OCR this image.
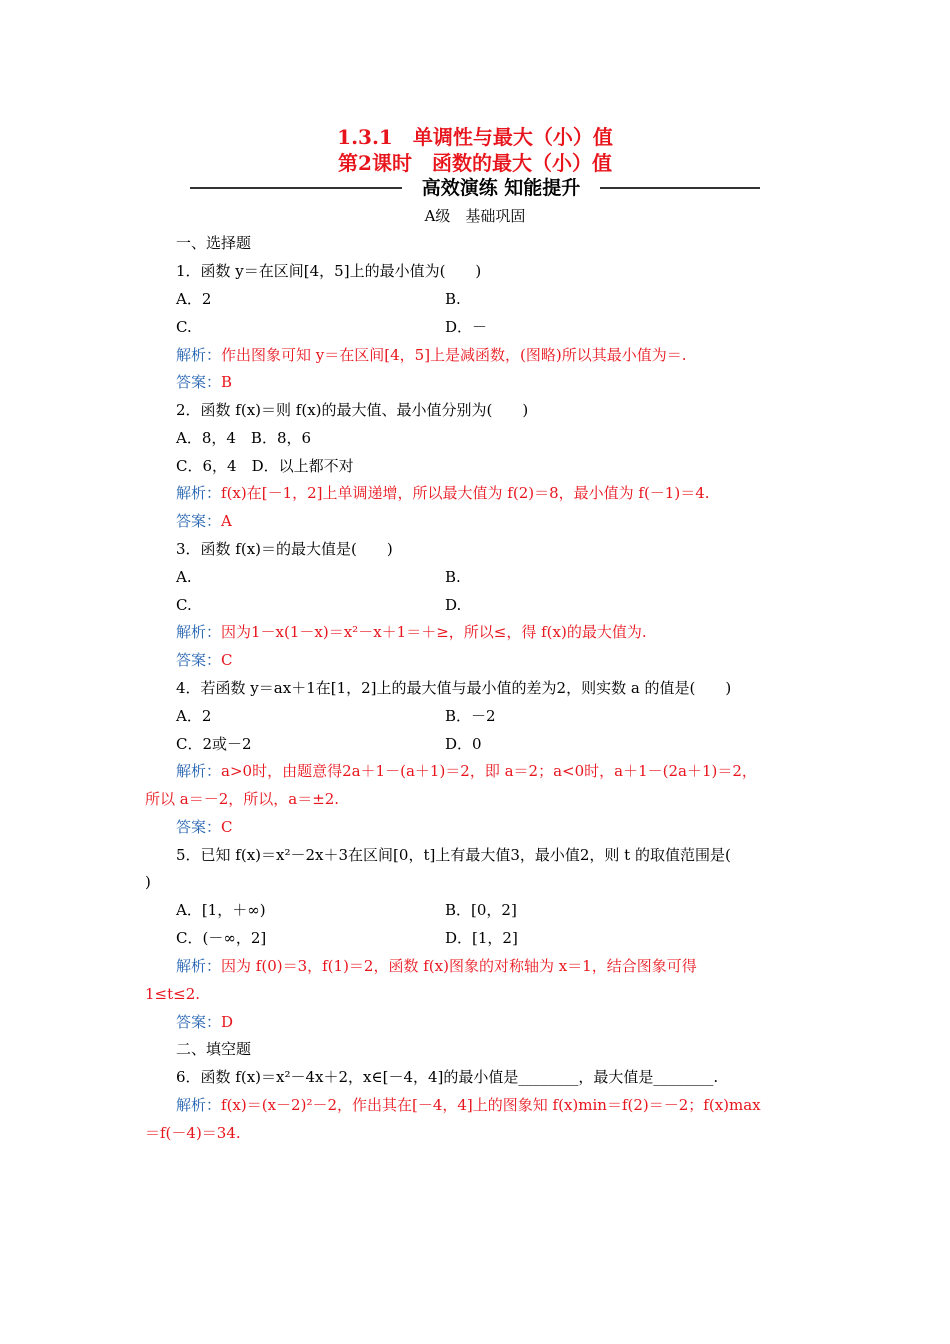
1.3.1　单调性与最大（小）值
第2课时　函数的最大（小）值
高效演练 知能提升
A级　基础巩固
一、选择题
1．函数 y＝在区间[4，5]上的最小值为(　　)
A．2	B.
C.	D．－
解析：作出图象可知 y＝在区间[4，5]上是减函数，(图略)所以其最小值为＝.
答案：B
2．函数 f(x)＝则 f(x)的最大值、最小值分别为(　　)
A．8，4　B．8，6
C．6，4　D．以上都不对
解析：f(x)在[－1，2]上单调递增，所以最大值为 f(2)＝8，最小值为 f(－1)＝4.
答案：A
3．函数 f(x)＝的最大值是(　　)
A.	B.
C.	D.
解析：因为1－x(1－x)＝x²－x＋1＝＋≥，所以≤，得 f(x)的最大值为.
答案：C
4．若函数 y＝ax＋1在[1，2]上的最大值与最小值的差为2，则实数 a 的值是(　　)
A．2	B．－2
C．2或－2	D．0
解析：a>0时，由题意得2a＋1－(a＋1)＝2，即 a＝2；a<0时，a＋1－(2a＋1)＝2，
所以 a＝－2，所以，a＝±2.
答案：C
5．已知 f(x)＝x²－2x＋3在区间[0，t]上有最大值3，最小值2，则 t 的取值范围是(
)
A．[1，＋∞)	B．[0，2]
C．(－∞，2]	D．[1，2]
解析：因为 f(0)＝3，f(1)＝2，函数 f(x)图象的对称轴为 x＝1，结合图象可得
1≤t≤2.
答案：D
二、填空题
6．函数 f(x)＝x²－4x＋2，x∈[－4，4]的最小值是________，最大值是________.
解析：f(x)＝(x－2)²－2，作出其在[－4，4]上的图象知 f(x)min＝f(2)＝－2；f(x)max
＝f(－4)＝34.
